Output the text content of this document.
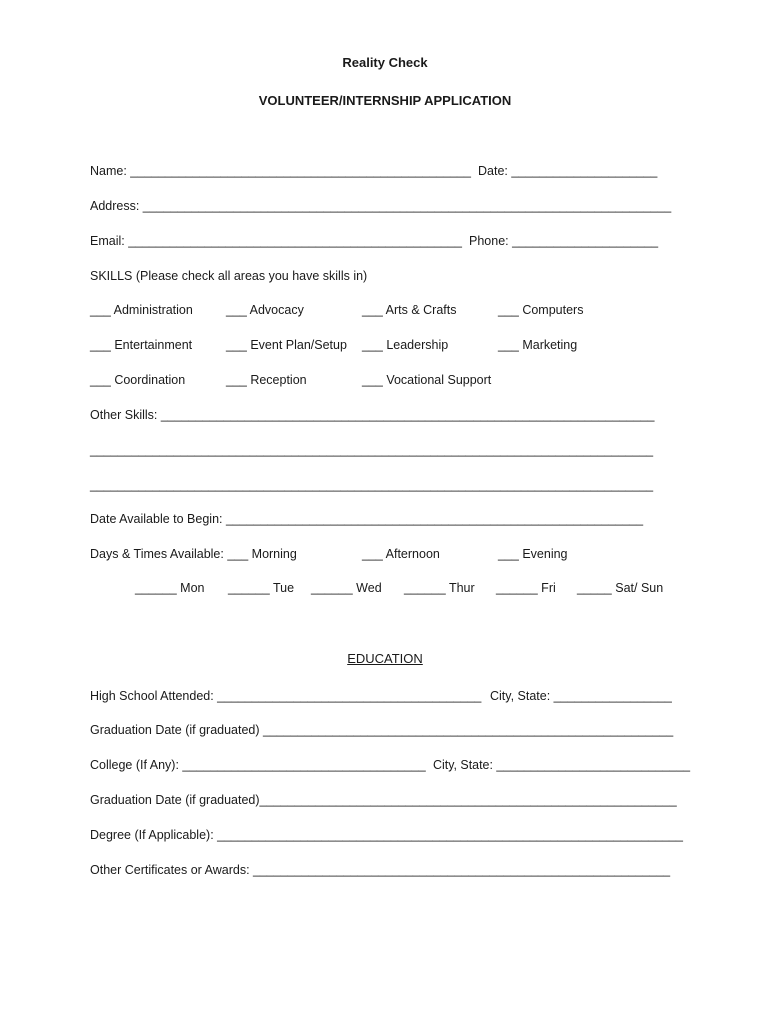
Reality Check
VOLUNTEER/INTERNSHIP APPLICATION
Name: _________________________________________________ Date: _____________________
Address: ____________________________________________________________________________
Email: ________________________________________________ Phone: _____________________
SKILLS (Please check all areas you have skills in)
___ Administration	___ Advocacy	___ Arts & Crafts	___ Computers
___ Entertainment	___ Event Plan/Setup ___ Leadership	___ Marketing
___ Coordination	___ Reception	___ Vocational Support
Other Skills: _______________________________________________________________________
_________________________________________________________________________________
_________________________________________________________________________________
Date Available to Begin: ____________________________________________________________
Days & Times Available: ___ Morning	___ Afternoon	___ Evening
______ Mon ______ Tue ______ Wed ______ Thur ______ Fri _____ Sat/ Sun
EDUCATION
High School Attended: ______________________________________ City, State: _________________
Graduation Date (if graduated) ___________________________________________________________
College (If Any): ___________________________________ City, State: ____________________________
Graduation Date (if graduated)____________________________________________________________
Degree (If Applicable): ___________________________________________________________________
Other Certificates or Awards: ____________________________________________________________
